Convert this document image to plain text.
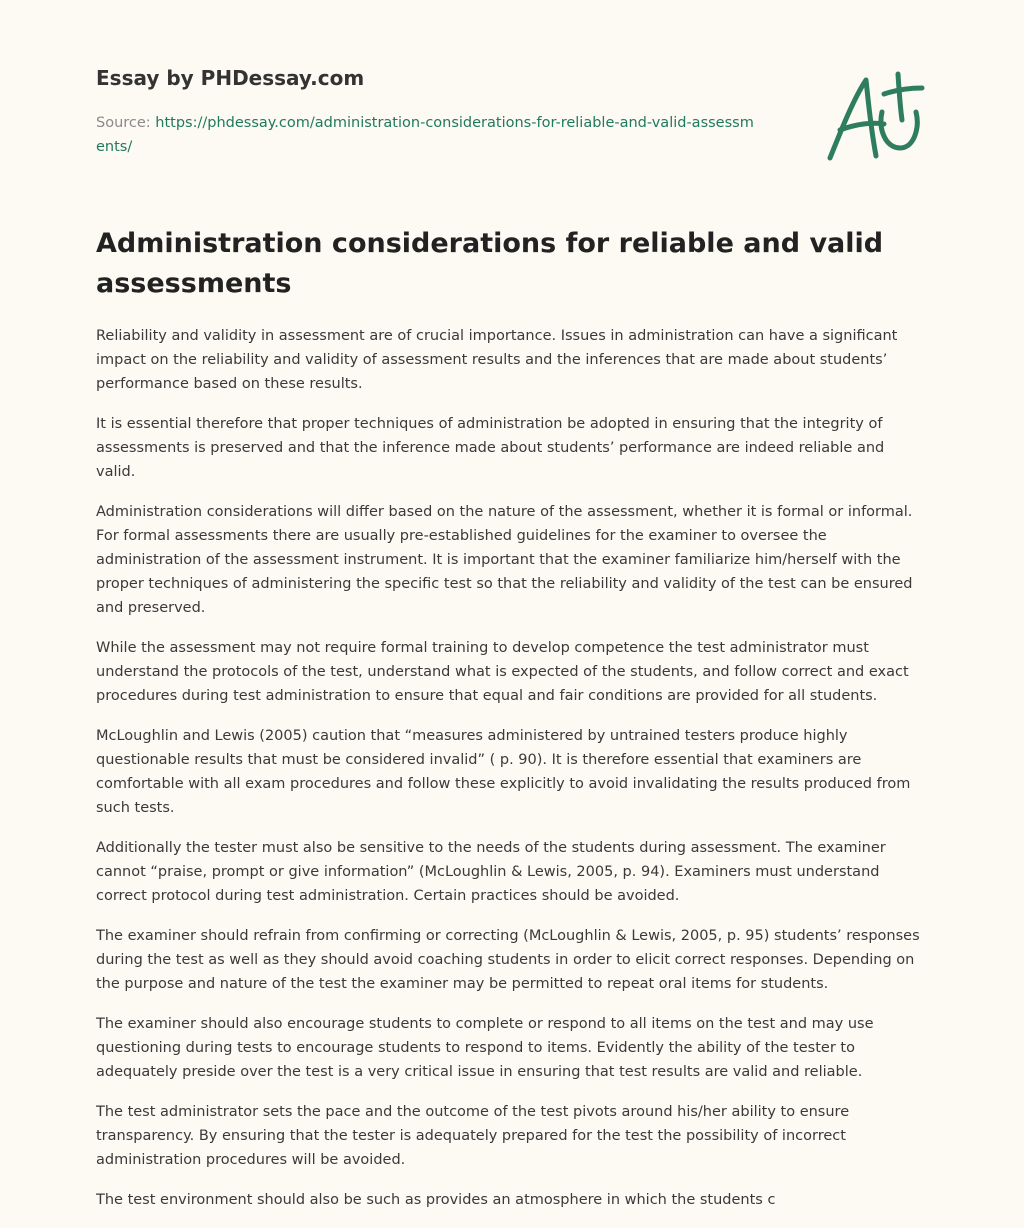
Essay by PHDessay.com
Source: https://phdessay.com/administration-considerations-for-reliable-and-valid-assessments/
Administration considerations for reliable and valid assessments

Reliability and validity in assessment are of crucial importance. Issues in administration can have a significant impact on the reliability and validity of assessment results and the inferences that are made about students’ performance based on these results.

It is essential therefore that proper techniques of administration be adopted in ensuring that the integrity of assessments is preserved and that the inference made about students’ performance are indeed reliable and valid.

Administration considerations will differ based on the nature of the assessment, whether it is formal or informal. For formal assessments there are usually pre-established guidelines for the examiner to oversee the administration of the assessment instrument. It is important that the examiner familiarize him/herself with the proper techniques of administering the specific test so that the reliability and validity of the test can be ensured and preserved.

While the assessment may not require formal training to develop competence the test administrator must understand the protocols of the test, understand what is expected of the students, and follow correct and exact procedures during test administration to ensure that equal and fair conditions are provided for all students.

McLoughlin and Lewis (2005) caution that “measures administered by untrained testers produce highly questionable results that must be considered invalid” ( p. 90). It is therefore essential that examiners are comfortable with all exam procedures and follow these explicitly to avoid invalidating the results produced from such tests.

Additionally the tester must also be sensitive to the needs of the students during assessment. The examiner cannot “praise, prompt or give information” (McLoughlin & Lewis, 2005, p. 94). Examiners must understand correct protocol during test administration. Certain practices should be avoided.

The examiner should refrain from confirming or correcting (McLoughlin & Lewis, 2005, p. 95) students’ responses during the test as well as they should avoid coaching students in order to elicit correct responses. Depending on the purpose and nature of the test the examiner may be permitted to repeat oral items for students.

The examiner should also encourage students to complete or respond to all items on the test and may use questioning during tests to encourage students to respond to items. Evidently the ability of the tester to adequately preside over the test is a very critical issue in ensuring that test results are valid and reliable.

The test administrator sets the pace and the outcome of the test pivots around his/her ability to ensure transparency. By ensuring that the tester is adequately prepared for the test the possibility of incorrect administration procedures will be avoided.

The test environment should also be such as provides an atmosphere in which the students c
